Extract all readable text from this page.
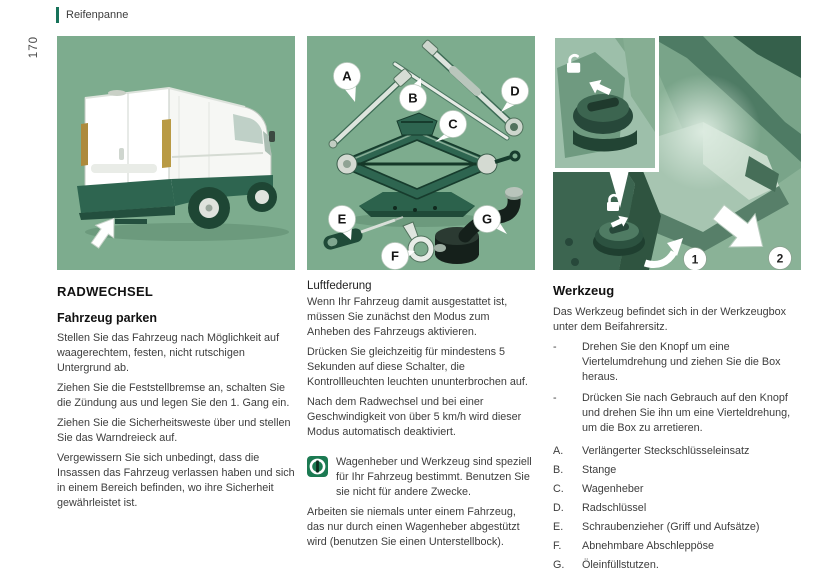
Reifenpanne
170
RADWECHSEL
Fahrzeug parken

Stellen Sie das Fahrzeug nach Möglichkeit auf waagerechtem, festen, nicht rutschigen Untergrund ab.

Ziehen Sie die Feststellbremse an, schalten Sie die Zündung aus und legen Sie den 1. Gang ein.

Ziehen Sie die Sicherheitsweste über und stellen Sie das Warndreieck auf.

Vergewissern Sie sich unbedingt, dass die Insassen das Fahrzeug verlassen haben und sich in einem Bereich befinden, wo ihre Sicherheit gewährleistet ist.

A
B
C
D
E
F
G
Luftfederung

Wenn Ihr Fahrzeug damit ausgestattet ist, müssen Sie zunächst den Modus zum Anheben des Fahrzeugs aktivieren.

Drücken Sie gleichzeitig für mindestens 5 Sekunden auf diese Schalter, die Kontrollleuchten leuchten ununterbrochen auf.

Nach dem Radwechsel und bei einer Geschwindigkeit von über 5 km/h wird dieser Modus automatisch deaktiviert.

Wagenheber und Werkzeug sind speziell für Ihr Fahrzeug bestimmt. Benutzen Sie sie nicht für andere Zwecke.

Arbeiten sie niemals unter einem Fahrzeug, das nur durch einen Wagenheber abgestützt wird (benutzen Sie einen Unterstellbock).

1	2
Werkzeug

Das Werkzeug befindet sich in der Werkzeugbox unter dem Beifahrersitz.

-	Drehen Sie den Knopf um eine Viertelumdrehung und ziehen Sie die Box heraus.
-	Drücken Sie nach Gebrauch auf den Knopf und drehen Sie ihn um eine Vierteldrehung, um die Box zu arretieren.
A.	Verlängerter Steckschlüsseleinsatz
B.	Stange
C.	Wagenheber
D.	Radschlüssel
E.	Schraubenzieher (Griff und Aufsätze)
F.	Abnehmbare Abschleppöse
G.	Öleinfüllstutzen.
